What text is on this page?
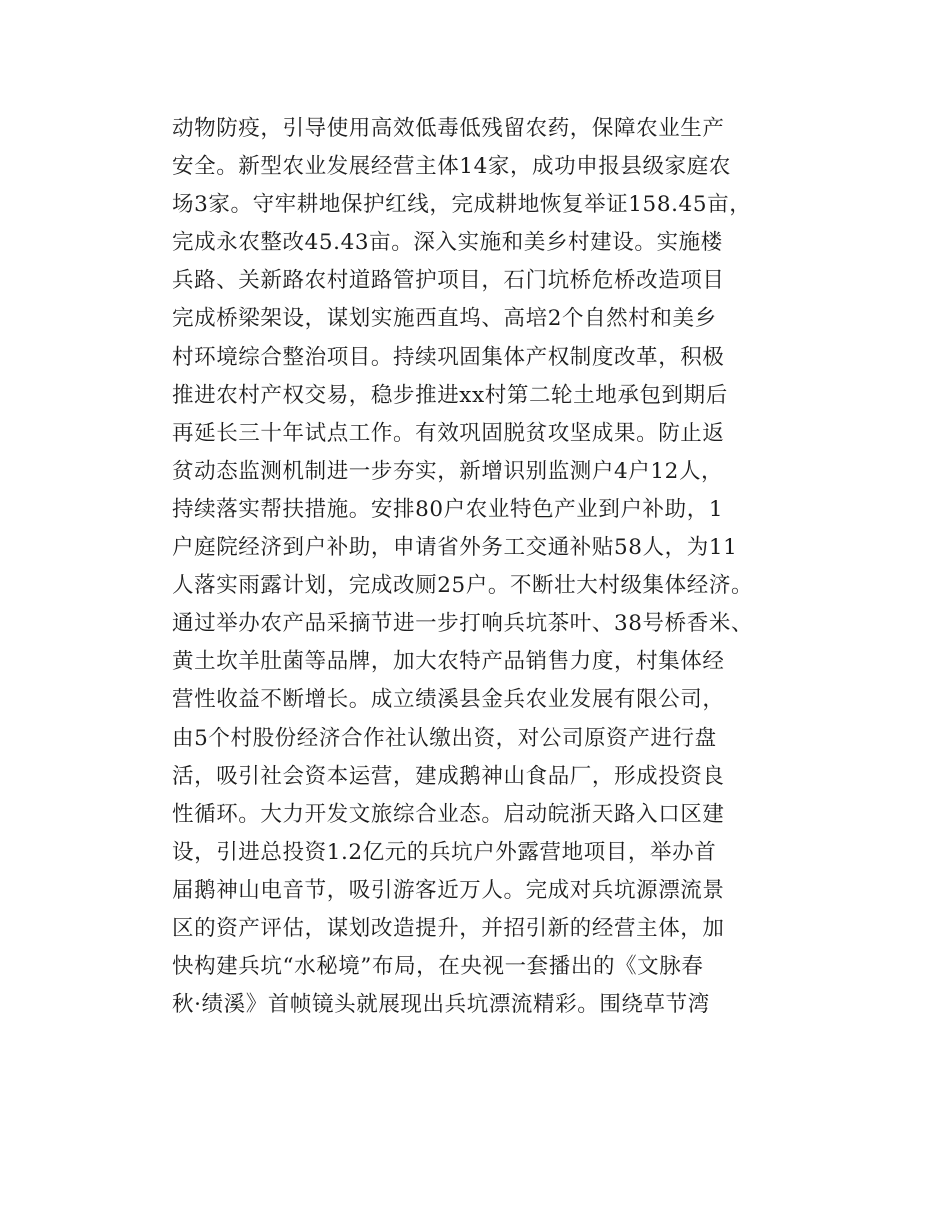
动物防疫，引导使用高效低毒低残留农药，保障农业生产
安全。新型农业发展经营主体14家，成功申报县级家庭农
场3家。守牢耕地保护红线，完成耕地恢复举证158.45亩，
完成永农整改45.43亩。深入实施和美乡村建设。实施楼
兵路、关新路农村道路管护项目，石门坑桥危桥改造项目
完成桥梁架设，谋划实施西直坞、高培2个自然村和美乡
村环境综合整治项目。持续巩固集体产权制度改革，积极
推进农村产权交易，稳步推进xx村第二轮土地承包到期后
再延长三十年试点工作。有效巩固脱贫攻坚成果。防止返
贫动态监测机制进一步夯实，新增识别监测户4户12人，
持续落实帮扶措施。安排80户农业特色产业到户补助，1
户庭院经济到户补助，申请省外务工交通补贴58人，为11
人落实雨露计划，完成改厕25户。不断壮大村级集体经济。
通过举办农产品采摘节进一步打响兵坑茶叶、38号桥香米、
黄土坎羊肚菌等品牌，加大农特产品销售力度，村集体经
营性收益不断增长。成立绩溪县金兵农业发展有限公司，
由5个村股份经济合作社认缴出资，对公司原资产进行盘
活，吸引社会资本运营，建成鹅神山食品厂，形成投资良
性循环。大力开发文旅综合业态。启动皖浙天路入口区建
设，引进总投资1.2亿元的兵坑户外露营地项目，举办首
届鹅神山电音节，吸引游客近万人。完成对兵坑源漂流景
区的资产评估，谋划改造提升，并招引新的经营主体，加
快构建兵坑“水秘境”布局，在央视一套播出的《文脉春
秋·绩溪》首帧镜头就展现出兵坑漂流精彩。围绕草节湾
